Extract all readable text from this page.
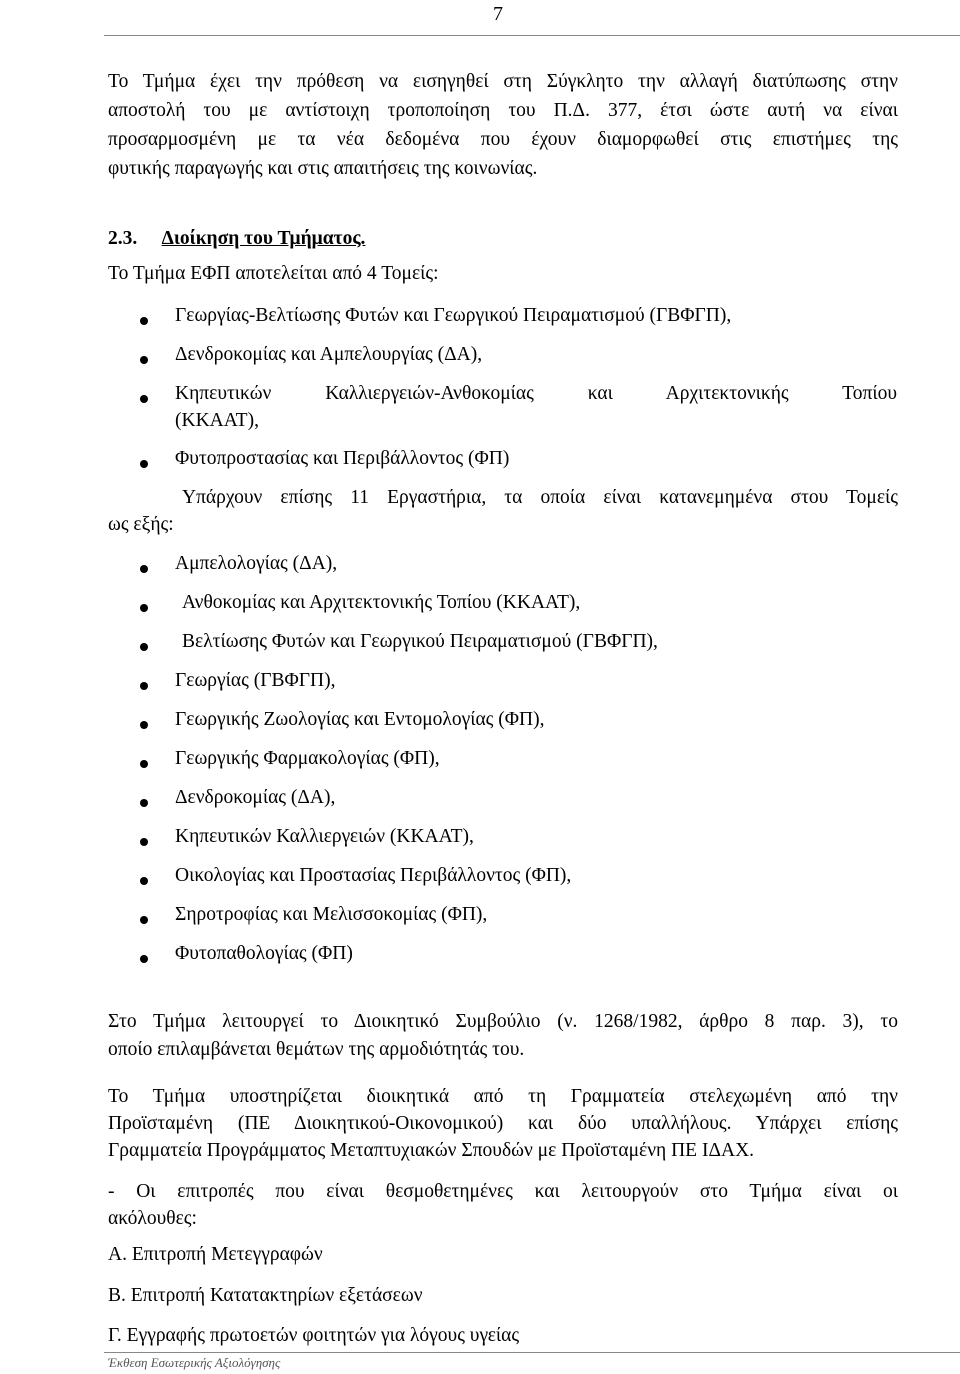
7
Το Τμήμα έχει την πρόθεση να εισηγηθεί στη Σύγκλητο την αλλαγή διατύπωσης στην
αποστολή του με αντίστοιχη τροποποίηση του Π.Δ. 377, έτσι ώστε αυτή να είναι
προσαρμοσμένη με τα νέα δεδομένα που έχουν διαμορφωθεί στις επιστήμες της
φυτικής παραγωγής και στις απαιτήσεις της κοινωνίας.
2.3. Διοίκηση του Τμήματος.
Το Τμήμα ΕΦΠ αποτελείται από 4 Τομείς:
Γεωργίας-Βελτίωσης Φυτών και Γεωργικού Πειραματισμού (ΓΒΦΓΠ),
Δενδροκομίας και Αμπελουργίας (ΔΑ),
Κηπευτικών Καλλιεργειών-Ανθοκομίας και Αρχιτεκτονικής Τοπίου
(ΚΚΑΑΤ),
Φυτοπροστασίας και Περιβάλλοντος (ΦΠ)
Υπάρχουν επίσης 11 Εργαστήρια, τα οποία είναι κατανεμημένα στου Τομείς
ως εξής:
Αμπελολογίας (ΔΑ),
Ανθοκομίας και Αρχιτεκτονικής Τοπίου (ΚΚΑΑΤ),
Βελτίωσης Φυτών και Γεωργικού Πειραματισμού (ΓΒΦΓΠ),
Γεωργίας (ΓΒΦΓΠ),
Γεωργικής Ζωολογίας και Εντομολογίας (ΦΠ),
Γεωργικής Φαρμακολογίας (ΦΠ),
Δενδροκομίας (ΔΑ),
Κηπευτικών Καλλιεργειών (ΚΚΑΑΤ),
Οικολογίας και Προστασίας Περιβάλλοντος (ΦΠ),
Σηροτροφίας και Μελισσοκομίας (ΦΠ),
Φυτοπαθολογίας (ΦΠ)
Στο Τμήμα λειτουργεί το Διοικητικό Συμβούλιο (ν. 1268/1982, άρθρο 8 παρ. 3), το
οποίο επιλαμβάνεται θεμάτων της αρμοδιότητάς του.
Το Τμήμα υποστηρίζεται διοικητικά από τη Γραμματεία στελεχωμένη από την
Προϊσταμένη (ΠΕ Διοικητικού-Οικονομικού) και δύο υπαλλήλους. Υπάρχει επίσης
Γραμματεία Προγράμματος Μεταπτυχιακών Σπουδών με Προϊσταμένη ΠΕ ΙΔΑΧ.
- Οι επιτροπές που είναι θεσμοθετημένες και λειτουργούν στο Τμήμα είναι οι
ακόλουθες:
Α. Επιτροπή Μετεγγραφών
Β. Επιτροπή Κατατακτηρίων εξετάσεων
Γ. Εγγραφής πρωτοετών φοιτητών για λόγους υγείας
Έκθεση Εσωτερικής Αξιολόγησης
